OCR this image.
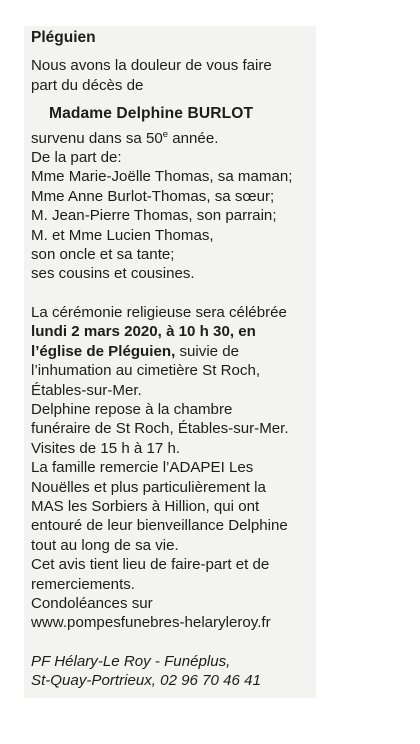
Pléguien
Nous avons la douleur de vous faire
part du décès de
Madame Delphine BURLOT
survenu dans sa 50e année.
De la part de:
Mme Marie-Joëlle Thomas, sa maman;
Mme Anne Burlot-Thomas, sa sœur;
M. Jean-Pierre Thomas, son parrain;
M. et Mme Lucien Thomas,
son oncle et sa tante;
ses cousins et cousines.
La cérémonie religieuse sera célébrée
lundi 2 mars 2020, à 10 h 30, en
l’église de Pléguien, suivie de
l’inhumation au cimetière St Roch,
Étables-sur-Mer.
Delphine repose à la chambre
funéraire de St Roch, Étables-sur-Mer.
Visites de 15 h à 17 h.
La famille remercie l’ADAPEI Les
Nouëlles et plus particulièrement la
MAS les Sorbiers à Hillion, qui ont
entouré de leur bienveillance Delphine
tout au long de sa vie.
Cet avis tient lieu de faire-part et de
remerciements.
Condoléances sur
www.pompesfunebres-helaryleroy.fr
PF Hélary-Le Roy - Funéplus,
St-Quay-Portrieux, 02 96 70 46 41
